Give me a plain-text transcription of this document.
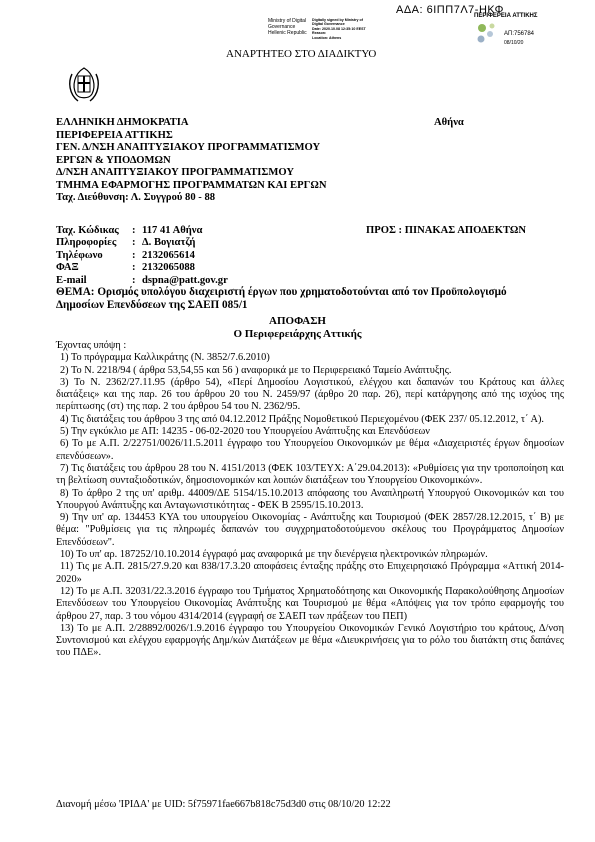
ΑΔΑ: 6ΙΠΠ7Λ7-ΗΚΦ
Ministry of Digital
Governance
Hellenic Republic
Digitally signed by Ministry of
Digital Governance
Date: 2020.10.08 12:35:10 EEST
Reason:
Location: Athens
ΠΕΡΙΦΕΡΕΙΑ ΑΤΤΙΚΗΣ
ΑΠ:756784
08/10/20
ΑΝΑΡΤΗΤΕΟ ΣΤΟ ΔΙΑΔΙΚΤΥΟ
ΕΛΛΗΝΙΚΗ ΔΗΜΟΚΡΑΤΙΑ
ΠΕΡΙΦΕΡΕΙΑ ΑΤΤΙΚΗΣ
ΓΕΝ. Δ/ΝΣΗ ΑΝΑΠΤΥΞΙΑΚΟΥ ΠΡΟΓΡΑΜΜΑΤΙΣΜΟΥ
ΕΡΓΩΝ & ΥΠΟΔΟΜΩΝ
Δ/ΝΣΗ ΑΝΑΠΤΥΞΙΑΚΟΥ ΠΡΟΓΡΑΜΜΑΤΙΣΜΟΥ
ΤΜΗΜΑ ΕΦΑΡΜΟΓΗΣ ΠΡΟΓΡΑΜΜΑΤΩΝ ΚΑΙ ΕΡΓΩΝ
Ταχ. Διεύθυνση: Λ. Συγγρού 80 - 88
Αθήνα
ΠΡΟΣ : ΠΙΝΑΚΑΣ ΑΠΟΔΕΚΤΩΝ
Ταχ. Κώδικας	: 117 41 Αθήνα
Πληροφορίες	: Δ. Βογιατζή
Τηλέφωνο	: 2132065614
ΦΑΞ	: 2132065088
E-mail	: dspna@patt.gov.gr
ΘΕΜΑ: Ορισμός υπολόγου διαχειριστή έργων που χρηματοδοτούνται από τον Προϋπολογισμό Δημοσίων Επενδύσεων της ΣΑΕΠ 085/1
ΑΠΟΦΑΣΗ
Ο Περιφερειάρχης Αττικής

Έχοντας υπόψη :

1) Το πρόγραμμα Καλλικράτης (Ν. 3852/7.6.2010)

2) Το Ν. 2218/94 ( άρθρα 53,54,55 και 56 ) αναφορικά με το Περιφερειακό Ταμείο Ανάπτυξης.

3) Το Ν. 2362/27.11.95 (άρθρο 54), «Περί Δημοσίου Λογιστικού, ελέγχου και δαπανών του Κράτους και άλλες διατάξεις» και της παρ. 26 του άρθρου 20 του Ν. 2459/97 (άρθρο 20 παρ. 26), περί κατάργησης από της ισχύος της περίπτωσης (στ) της παρ. 2 του άρθρου 54 του Ν. 2362/95.

4) Τις διατάξεις του άρθρου 3 της από 04.12.2012 Πράξης Νομοθετικού Περιεχομένου (ΦΕΚ 237/ 05.12.2012, τ΄ Α).

5) Την εγκύκλιο με ΑΠ: 14235 - 06-02-2020 του Υπουργείου Ανάπτυξης και Επενδύσεων

6) Το με Α.Π. 2/22751/0026/11.5.2011 έγγραφο του Υπουργείου Οικονομικών με θέμα «Διαχειριστές έργων δημοσίων επενδύσεων».

7) Τις διατάξεις του άρθρου 28 του Ν. 4151/2013 (ΦΕΚ 103/ΤΕΥΧ: Α΄29.04.2013): «Ρυθμίσεις για την τροποποίηση και τη βελτίωση συνταξιοδοτικών, δημοσιονομικών και λοιπών διατάξεων του Υπουργείου Οικονομικών».

8) Το άρθρο 2 της υπ' αριθμ. 44009/ΔΕ 5154/15.10.2013 απόφασης του Αναπληρωτή Υπουργού Οικονομικών και του Υπουργού Ανάπτυξης και Ανταγωνιστικότητας - ΦΕΚ Β 2595/15.10.2013.

9) Την υπ' αρ. 134453 ΚΥΑ του υπουργείου Οικονομίας - Ανάπτυξης και Τουρισμού (ΦΕΚ 2857/28.12.2015, τ΄ Β) με θέμα: "Ρυθμίσεις για τις πληρωμές δαπανών του συγχρηματοδοτούμενου σκέλους του Προγράμματος Δημοσίων Επενδύσεων".

10) Το υπ' αρ. 187252/10.10.2014 έγγραφό μας αναφορικά με την διενέργεια ηλεκτρονικών πληρωμών.

11) Τις με Α.Π. 2815/27.9.20 και 838/17.3.20 αποφάσεις ένταξης πράξης στο Επιχειρησιακό Πρόγραμμα «Αττική 2014-2020»

12) Το με Α.Π. 32031/22.3.2016 έγγραφο του Τμήματος Χρηματοδότησης και Οικονομικής Παρακολούθησης Δημοσίων Επενδύσεων του Υπουργείου Οικονομίας Ανάπτυξης και Τουρισμού με θέμα «Απόψεις για τον τρόπο εφαρμογής του άρθρου 27, παρ. 3 του νόμου 4314/2014 (εγγραφή σε ΣΑΕΠ των πράξεων του ΠΕΠ)

13) Το με Α.Π. 2/28892/0026/1.9.2016 έγγραφο του Υπουργείου Οικονομικών Γενικό Λογιστήριο του κράτους, Δ/νση Συντονισμού και ελέγχου εφαρμογής Δημ/κών Διατάξεων με θέμα «Διευκρινήσεις για το ρόλο του διατάκτη στις δαπάνες του ΠΔΕ».

Διανομή μέσω 'ΙΡΙΔΑ' με UID: 5f75971fae667b818c75d3d0 στις 08/10/20 12:22
